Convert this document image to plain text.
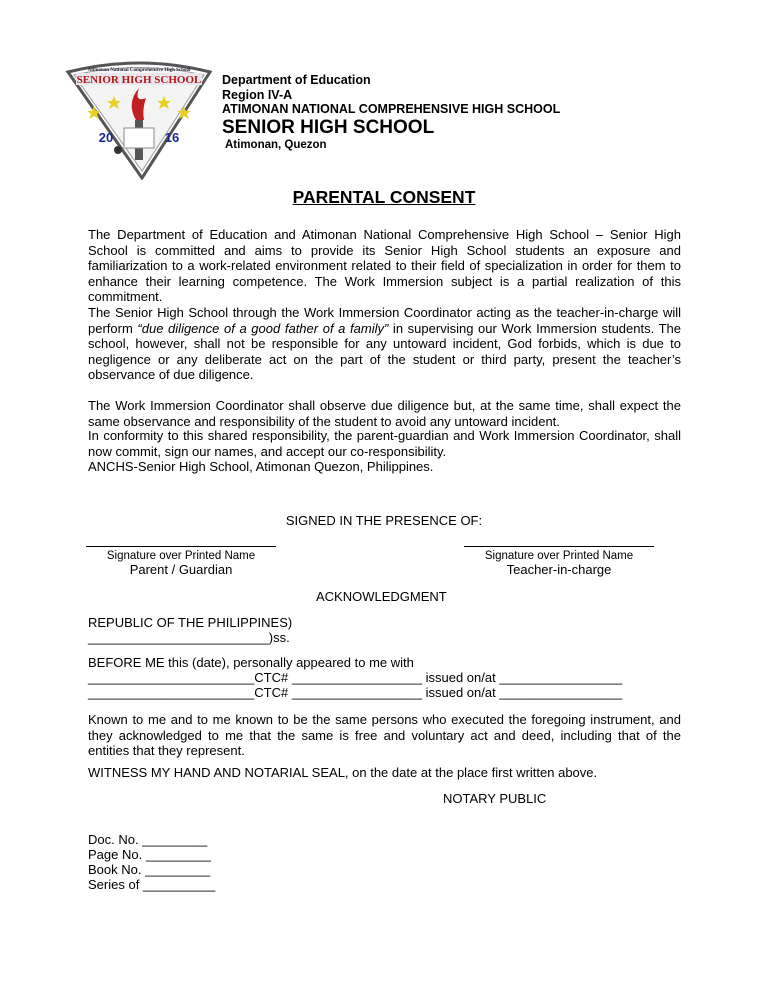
Atimonan National Comprehensive High School
SENIOR HIGH SCHOOL
20	16
Department of Education
Region IV-A
ATIMONAN NATIONAL COMPREHENSIVE HIGH SCHOOL
SENIOR HIGH SCHOOL
Atimonan, Quezon
PARENTAL CONSENT
The Department of Education and Atimonan National Comprehensive High School – Senior High School is committed and aims to provide its Senior High School students an exposure and familiarization to a work-related environment related to their field of specialization in order for them to enhance their learning competence. The Work Immersion subject is a partial realization of this commitment.
The Senior High School through the Work Immersion Coordinator acting as the teacher-in-charge will perform “due diligence of a good father of a family” in supervising our Work Immersion students. The school, however, shall not be responsible for any untoward incident, God forbids, which is due to negligence or any deliberate act on the part of the student or third party, present the teacher’s observance of due diligence.
The Work Immersion Coordinator shall observe due diligence but, at the same time, shall expect the same observance and responsibility of the student to avoid any untoward incident.
In conformity to this shared responsibility, the parent-guardian and Work Immersion Coordinator, shall now commit, sign our names, and accept our co-responsibility.
ANCHS-Senior High School, Atimonan Quezon, Philippines.
SIGNED IN THE PRESENCE OF:
Signature over Printed Name
Parent / Guardian
Signature over Printed Name
Teacher-in-charge
ACKNOWLEDGMENT
REPUBLIC OF THE PHILIPPINES)
_________________________)ss.
BEFORE ME this (date), personally appeared to me with
_______________________CTC# __________________ issued on/at _________________
_______________________CTC# __________________ issued on/at _________________
Known to me and to me known to be the same persons who executed the foregoing instrument, and they acknowledged to me that the same is free and voluntary act and deed, including that of the entities that they represent.
WITNESS MY HAND AND NOTARIAL SEAL, on the date at the place first written above.
NOTARY PUBLIC
Doc. No. _________
Page No. _________
Book No. _________
Series of __________
